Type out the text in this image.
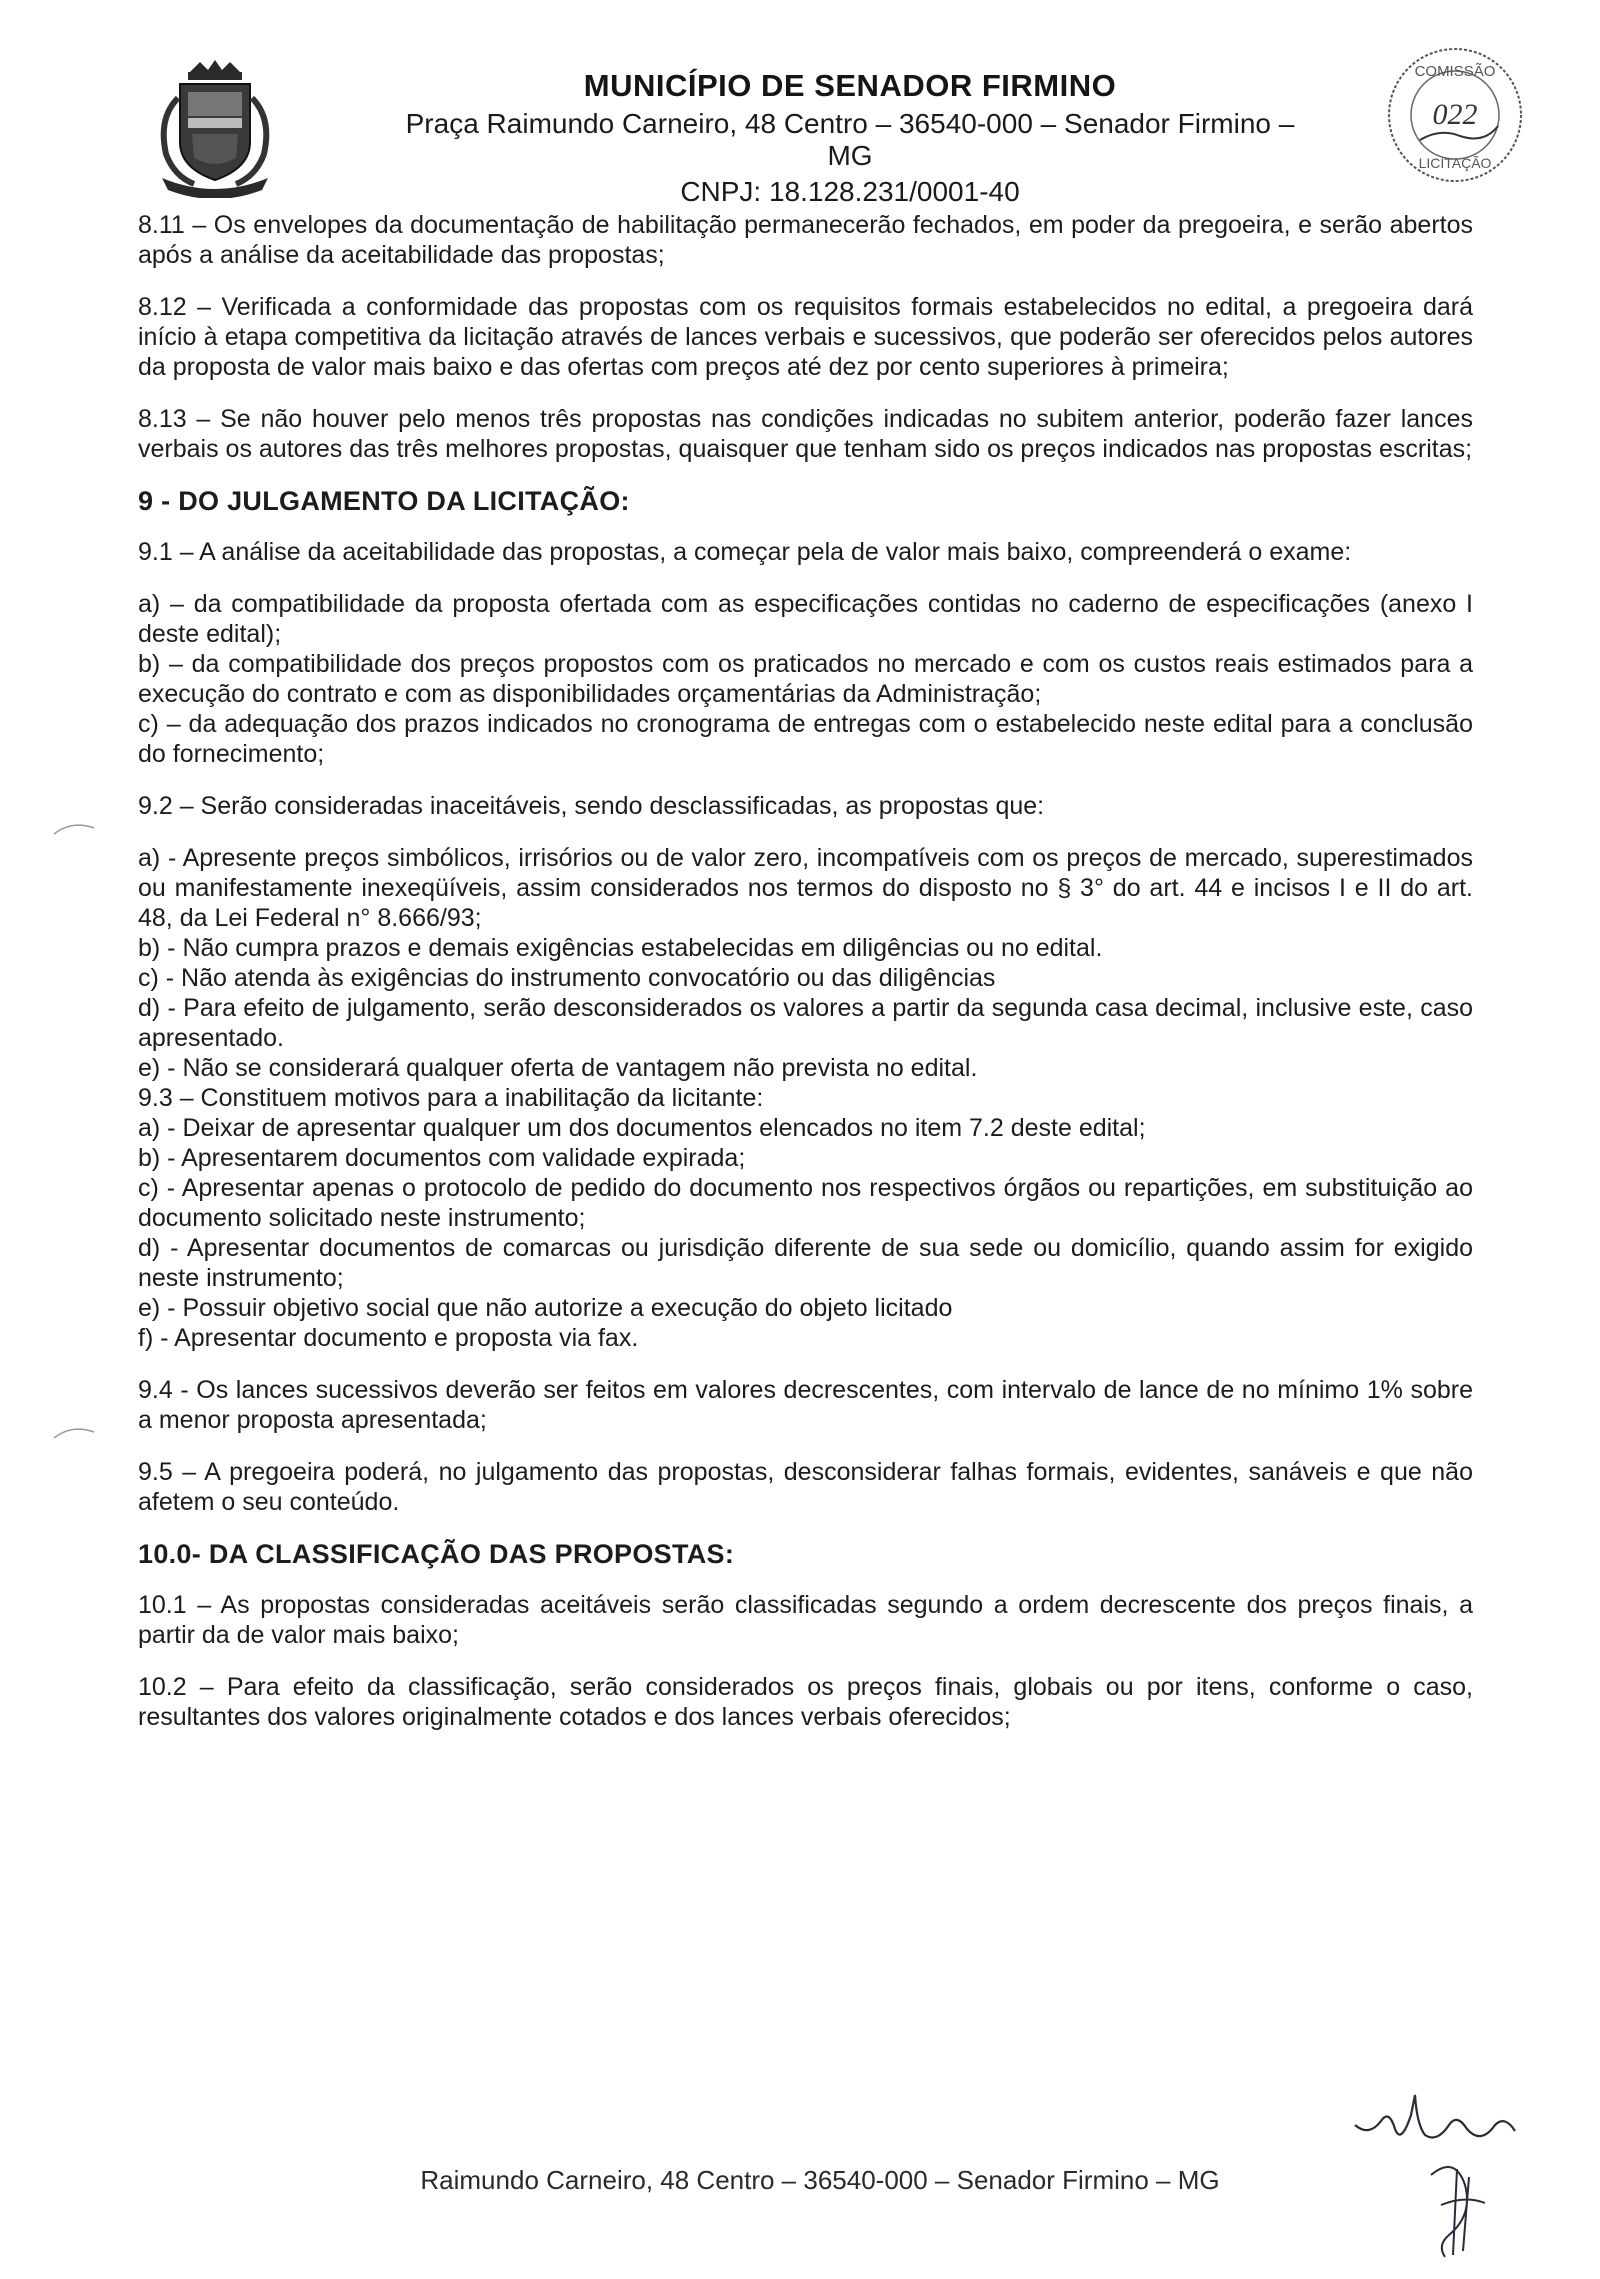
MUNICÍPIO DE SENADOR FIRMINO
Praça Raimundo Carneiro, 48 Centro – 36540-000 – Senador Firmino – MG
CNPJ: 18.128.231/0001-40
COMISSÃO
022
LICITAÇÃO

8.11 – Os envelopes da documentação de habilitação permanecerão fechados, em poder da pregoeira, e serão abertos após a análise da aceitabilidade das propostas;

8.12 – Verificada a conformidade das propostas com os requisitos formais estabelecidos no edital, a pregoeira dará início à etapa competitiva da licitação através de lances verbais e sucessivos, que poderão ser oferecidos pelos autores da proposta de valor mais baixo e das ofertas com preços até dez por cento superiores à primeira;

8.13 – Se não houver pelo menos três propostas nas condições indicadas no subitem anterior, poderão fazer lances verbais os autores das três melhores propostas, quaisquer que tenham sido os preços indicados nas propostas escritas;

9 - DO JULGAMENTO DA LICITAÇÃO:

9.1 – A análise da aceitabilidade das propostas, a começar pela de valor mais baixo, compreenderá o exame:

a) – da compatibilidade da proposta ofertada com as especificações contidas no caderno de especificações (anexo I deste edital);

b) – da compatibilidade dos preços propostos com os praticados no mercado e com os custos reais estimados para a execução do contrato e com as disponibilidades orçamentárias da Administração;

c) – da adequação dos prazos indicados no cronograma de entregas com o estabelecido neste edital para a conclusão do fornecimento;

9.2 – Serão consideradas inaceitáveis, sendo desclassificadas, as propostas que:

a) - Apresente preços simbólicos, irrisórios ou de valor zero, incompatíveis com os preços de mercado, superestimados ou manifestamente inexeqüíveis, assim considerados nos termos do disposto no § 3° do art. 44 e incisos I e II do art. 48, da Lei Federal n° 8.666/93;

b) - Não cumpra prazos e demais exigências estabelecidas em diligências ou no edital.

c) - Não atenda às exigências do instrumento convocatório ou das diligências

d) - Para efeito de julgamento, serão desconsiderados os valores a partir da segunda casa decimal, inclusive este, caso apresentado.

e) - Não se considerará qualquer oferta de vantagem não prevista no edital.

9.3 – Constituem motivos para a inabilitação da licitante:

a) - Deixar de apresentar qualquer um dos documentos elencados no item 7.2 deste edital;

b) - Apresentarem documentos com validade expirada;

c) - Apresentar apenas o protocolo de pedido do documento nos respectivos órgãos ou repartições, em substituição ao documento solicitado neste instrumento;

d) - Apresentar documentos de comarcas ou jurisdição diferente de sua sede ou domicílio, quando assim for exigido neste instrumento;

e) - Possuir objetivo social que não autorize a execução do objeto licitado

f) - Apresentar documento e proposta via fax.

9.4 - Os lances sucessivos deverão ser feitos em valores decrescentes, com intervalo de lance de no mínimo 1% sobre a menor proposta apresentada;

9.5 – A pregoeira poderá, no julgamento das propostas, desconsiderar falhas formais, evidentes, sanáveis e que não afetem o seu conteúdo.

10.0- DA CLASSIFICAÇÃO DAS PROPOSTAS:

10.1 – As propostas consideradas aceitáveis serão classificadas segundo a ordem decrescente dos preços finais, a partir da de valor mais baixo;

10.2 – Para efeito da classificação, serão considerados os preços finais, globais ou por itens, conforme o caso, resultantes dos valores originalmente cotados e dos lances verbais oferecidos;

Raimundo Carneiro, 48 Centro – 36540-000 – Senador Firmino – MG
